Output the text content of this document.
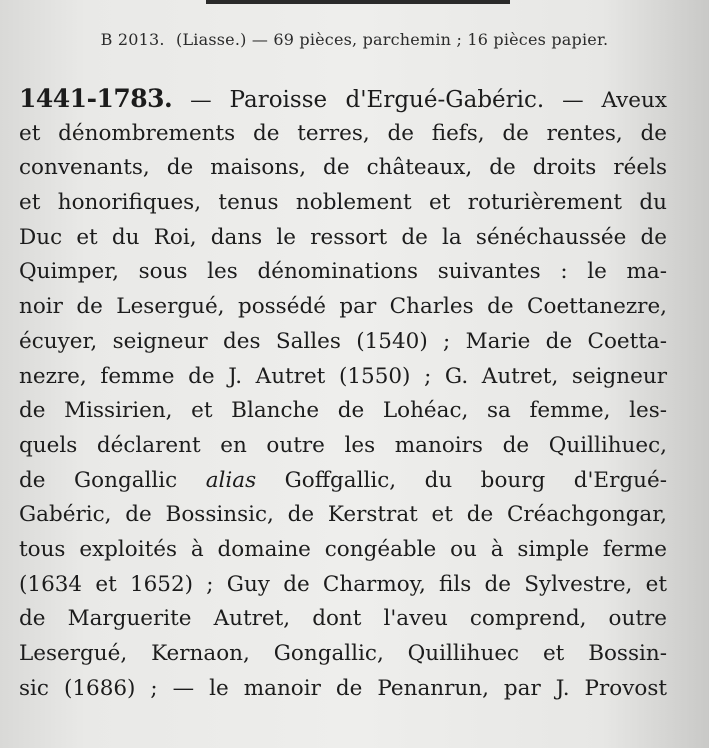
B 2013. (Liasse.) — 69 pièces, parchemin ; 16 pièces papier.
1441-1783. — Paroisse d'Ergué-Gabéric. — Aveux
et dénombrements de terres, de fiefs, de rentes, de
convenants, de maisons, de châteaux, de droits réels
et honorifiques, tenus noblement et roturièrement du
Duc et du Roi, dans le ressort de la sénéchaussée de
Quimper, sous les dénominations suivantes : le ma-
noir de Lesergué, possédé par Charles de Coettanezre,
écuyer, seigneur des Salles (1540) ; Marie de Coetta-
nezre, femme de J. Autret (1550) ; G. Autret, seigneur
de Missirien, et Blanche de Lohéac, sa femme, les-
quels déclarent en outre les manoirs de Quillihuec,
de Gongallic alias Goffgallic, du bourg d'Ergué-
Gabéric, de Bossinsic, de Kerstrat et de Créachgongar,
tous exploités à domaine congéable ou à simple ferme
(1634 et 1652) ; Guy de Charmoy, fils de Sylvestre, et
de Marguerite Autret, dont l'aveu comprend, outre
Lesergué, Kernaon, Gongallic, Quillihuec et Bossin-
sic (1686) ; — le manoir de Penanrun, par J. Provost
